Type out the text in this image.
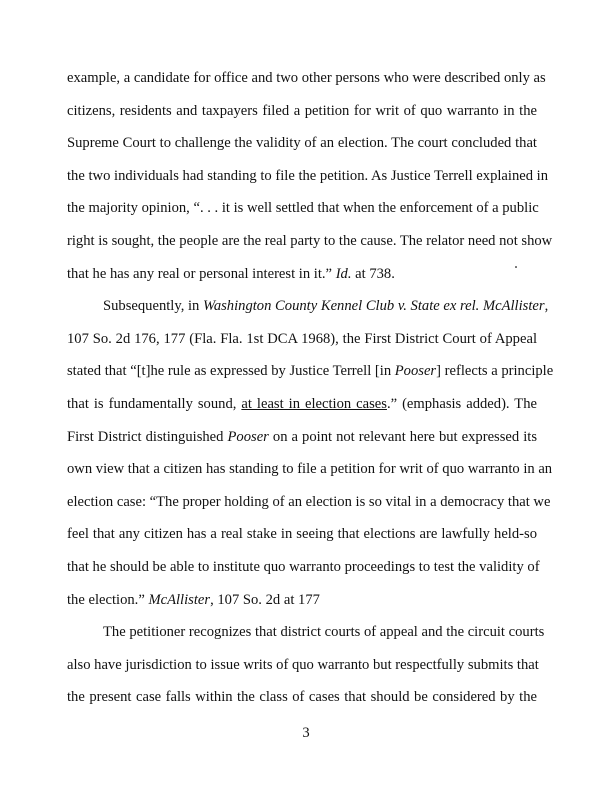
example, a candidate for office and two other persons who were described only as
citizens, residents and taxpayers filed a petition for writ of quo warranto in the
Supreme Court to challenge the validity of an election. The court concluded that
the two individuals had standing to file the petition. As Justice Terrell explained in
the majority opinion, “. . . it is well settled that when the enforcement of a public
right is sought, the people are the real party to the cause. The relator need not show
that he has any real or personal interest in it.” Id. at 738.
Subsequently, in Washington County Kennel Club v. State ex rel. McAllister,
107 So. 2d 176, 177 (Fla. Fla. 1st DCA 1968), the First District Court of Appeal
stated that “[t]he rule as expressed by Justice Terrell [in Pooser] reflects a principle
that is fundamentally sound, at least in election cases.” (emphasis added). The
First District distinguished Pooser on a point not relevant here but expressed its
own view that a citizen has standing to file a petition for writ of quo warranto in an
election case: “The proper holding of an election is so vital in a democracy that we
feel that any citizen has a real stake in seeing that elections are lawfully held-so
that he should be able to institute quo warranto proceedings to test the validity of
the election.” McAllister, 107 So. 2d at 177
The petitioner recognizes that district courts of appeal and the circuit courts
also have jurisdiction to issue writs of quo warranto but respectfully submits that
the present case falls within the class of cases that should be considered by the
3
